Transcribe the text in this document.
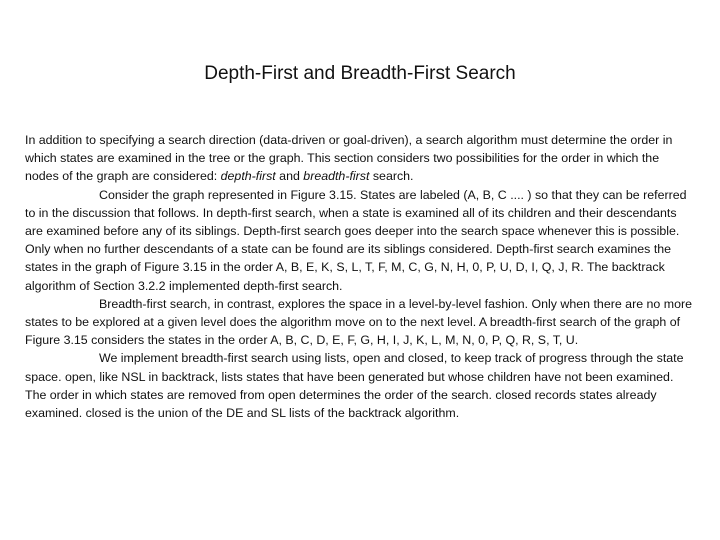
Depth-First and Breadth-First Search

In addition to specifying a search direction (data-driven or goal-driven), a search algorithm must determine the order in which states are examined in the tree or the graph. This section considers two possibilities for the order in which the nodes of the graph are considered: depth-first and breadth-first search.

Consider the graph represented in Figure 3.15. States are labeled (A, B, C .... ) so that they can be referred to in the discussion that follows. In depth-first search, when a state is examined all of its children and their descendants are examined before any of its siblings. Depth-first search goes deeper into the search space whenever this is possible. Only when no further descendants of a state can be found are its siblings considered. Depth-first search examines the states in the graph of Figure 3.15 in the order A, B, E, K, S, L, T, F, M, C, G, N, H, 0, P, U, D, I, Q, J, R. The backtrack algorithm of Section 3.2.2 implemented depth-first search.

Breadth-first search, in contrast, explores the space in a level-by-level fashion. Only when there are no more states to be explored at a given level does the algorithm move on to the next level. A breadth-first search of the graph of Figure 3.15 considers the states in the order A, B, C, D, E, F, G, H, I, J, K, L, M, N, 0, P, Q, R, S, T, U.

We implement breadth-first search using lists, open and closed, to keep track of progress through the state space. open, like NSL in backtrack, lists states that have been generated but whose children have not been examined. The order in which states are removed from open determines the order of the search. closed records states already examined. closed is the union of the DE and SL lists of the backtrack algorithm.
